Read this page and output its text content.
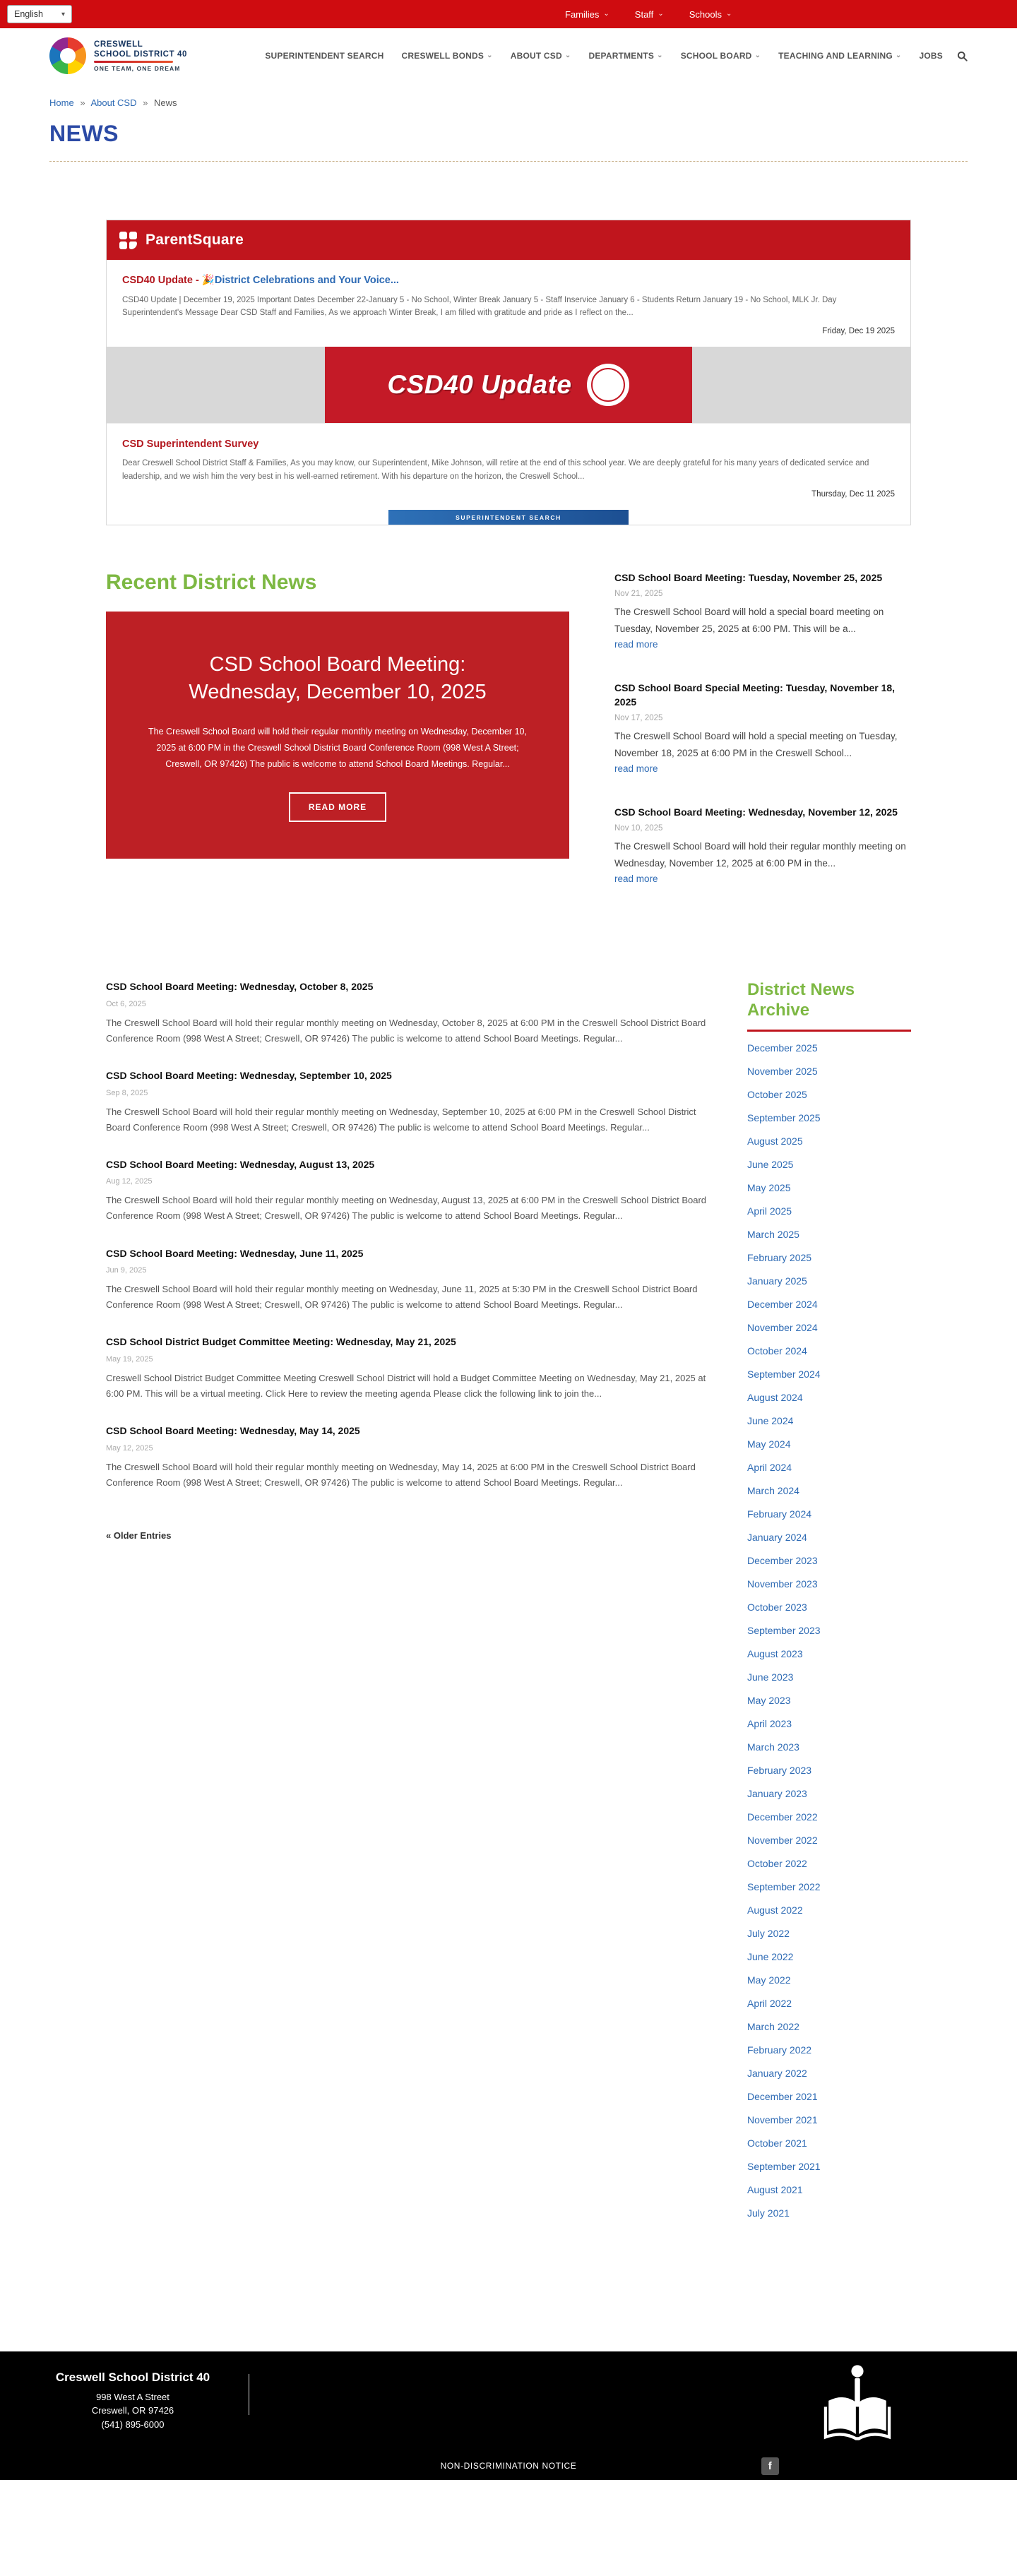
English	▾	Families ⌄	Staff ⌄	Schools ⌄
CRESWELL
SCHOOL DISTRICT 40
ONE TEAM, ONE DREAM
SUPERINTENDENT SEARCH CRESWELL BONDS ⌄ ABOUT CSD ⌄ DEPARTMENTS ⌄ SCHOOL BOARD ⌄ TEACHING AND LEARNING ⌄ JOBS
Home » About CSD » News
NEWS
ParentSquare
CSD40 Update - 🎉District Celebrations and Your Voice...

CSD40 Update | December 19, 2025 Important Dates December 22-January 5 - No School, Winter Break January 5 - Staff Inservice January 6 - Students Return January 19 - No School, MLK Jr. Day Superintendent's Message Dear CSD Staff and Families, As we approach Winter Break, I am filled with gratitude and pride as I reflect on the...

Friday, Dec 19 2025
CSD40 Update
CSD Superintendent Survey

Dear Creswell School District Staff & Families, As you may know, our Superintendent, Mike Johnson, will retire at the end of this school year. We are deeply grateful for his many years of dedicated service and leadership, and we wish him the very best in his well-earned retirement. With his departure on the horizon, the Creswell School...

Thursday, Dec 11 2025
SUPERINTENDENT SEARCH
Recent District News
CSD School Board Meeting:
Wednesday, December 10, 2025

The Creswell School Board will hold their regular monthly meeting on Wednesday, December 10, 2025 at 6:00 PM in the Creswell School District Board Conference Room (998 West A Street; Creswell, OR 97426) The public is welcome to attend School Board Meetings. Regular...

READ MORE
CSD School Board Meeting: Tuesday, November 25, 2025
Nov 21, 2025

The Creswell School Board will hold a special board meeting on Tuesday, November 25, 2025 at 6:00 PM. This will be a...

read more
CSD School Board Special Meeting: Tuesday, November 18, 2025
Nov 17, 2025

The Creswell School Board will hold a special meeting on Tuesday, November 18, 2025 at 6:00 PM in the Creswell School...

read more
CSD School Board Meeting: Wednesday, November 12, 2025
Nov 10, 2025

The Creswell School Board will hold their regular monthly meeting on Wednesday, November 12, 2025 at 6:00 PM in the...

read more
CSD School Board Meeting: Wednesday, October 8, 2025
Oct 6, 2025

The Creswell School Board will hold their regular monthly meeting on Wednesday, October 8, 2025 at 6:00 PM in the Creswell School District Board Conference Room (998 West A Street; Creswell, OR 97426) The public is welcome to attend School Board Meetings. Regular...

CSD School Board Meeting: Wednesday, September 10, 2025
Sep 8, 2025

The Creswell School Board will hold their regular monthly meeting on Wednesday, September 10, 2025 at 6:00 PM in the Creswell School District Board Conference Room (998 West A Street; Creswell, OR 97426) The public is welcome to attend School Board Meetings. Regular...

CSD School Board Meeting: Wednesday, August 13, 2025
Aug 12, 2025

The Creswell School Board will hold their regular monthly meeting on Wednesday, August 13, 2025 at 6:00 PM in the Creswell School District Board Conference Room (998 West A Street; Creswell, OR 97426) The public is welcome to attend School Board Meetings. Regular...

CSD School Board Meeting: Wednesday, June 11, 2025
Jun 9, 2025

The Creswell School Board will hold their regular monthly meeting on Wednesday, June 11, 2025 at 5:30 PM in the Creswell School District Board Conference Room (998 West A Street; Creswell, OR 97426) The public is welcome to attend School Board Meetings. Regular...

CSD School District Budget Committee Meeting: Wednesday, May 21, 2025
May 19, 2025

Creswell School District Budget Committee Meeting Creswell School District will hold a Budget Committee Meeting on Wednesday, May 21, 2025 at 6:00 PM. This will be a virtual meeting. Click Here to review the meeting agenda Please click the following link to join the...

CSD School Board Meeting: Wednesday, May 14, 2025
May 12, 2025

The Creswell School Board will hold their regular monthly meeting on Wednesday, May 14, 2025 at 6:00 PM in the Creswell School District Board Conference Room (998 West A Street; Creswell, OR 97426) The public is welcome to attend School Board Meetings. Regular...

« Older Entries
District News Archive
December 2025
November 2025
October 2025
September 2025
August 2025
June 2025
May 2025
April 2025
March 2025
February 2025
January 2025
December 2024
November 2024
October 2024
September 2024
August 2024
June 2024
May 2024
April 2024
March 2024
February 2024
January 2024
December 2023
November 2023
October 2023
September 2023
August 2023
June 2023
May 2023
April 2023
March 2023
February 2023
January 2023
December 2022
November 2022
October 2022
September 2022
August 2022
July 2022
June 2022
May 2022
April 2022
March 2022
February 2022
January 2022
December 2021
November 2021
October 2021
September 2021
August 2021
July 2021
Creswell School District 40
998 West A Street
Creswell, OR 97426
(541) 895-6000
NON-DISCRIMINATION NOTICE	f
